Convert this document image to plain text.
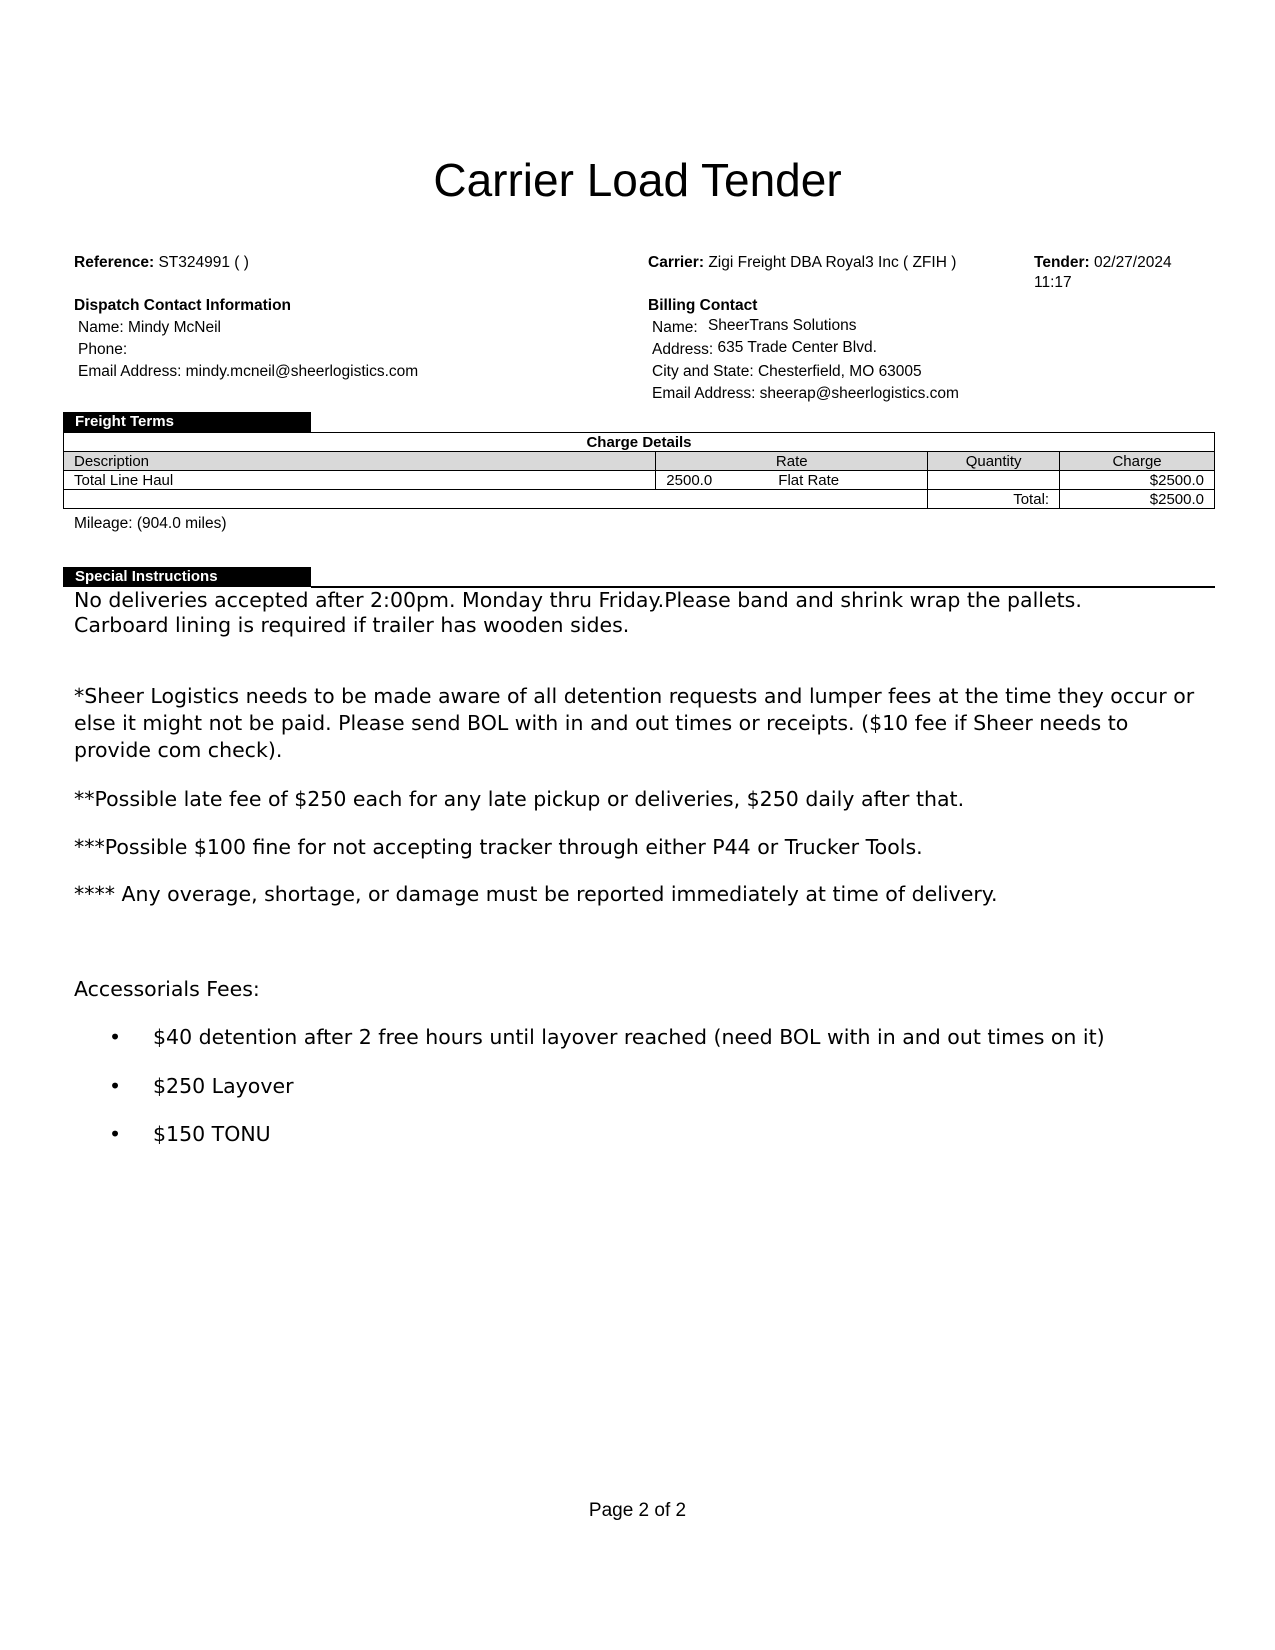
Carrier Load Tender
Reference: ST324991 ( )	Carrier: Zigi Freight DBA Royal3 Inc ( ZFIH )	Tender: 02/27/2024
11:17
Dispatch Contact Information
Name: Mindy McNeil
Phone:
Email Address: mindy.mcneil@sheerlogistics.com
Billing Contact
Name: SheerTrans Solutions
Address: 635 Trade Center Blvd.
City and State: Chesterfield, MO 63005
Email Address: sheerap@sheerlogistics.com
Freight Terms
Charge Details			
Description	Rate	Quantity	Charge
Total Line Haul	2500.0 Flat Rate		$2500.0
		Total:	$2500.0
Mileage: (904.0 miles)
Special Instructions
No deliveries accepted after 2:00pm. Monday thru Friday.Please band and shrink wrap the pallets.
Carboard lining is required if trailer has wooden sides.
*Sheer Logistics needs to be made aware of all detention requests and lumper fees at the time they occur or else it might not be paid. Please send BOL with in and out times or receipts. ($10 fee if Sheer needs to provide com check).
**Possible late fee of $250 each for any late pickup or deliveries, $250 daily after that.
***Possible $100 fine for not accepting tracker through either P44 or Trucker Tools.
**** Any overage, shortage, or damage must be reported immediately at time of delivery.
Accessorials Fees:
• $40 detention after 2 free hours until layover reached (need BOL with in and out times on it)
• $250 Layover
• $150 TONU
Page 2 of 2
